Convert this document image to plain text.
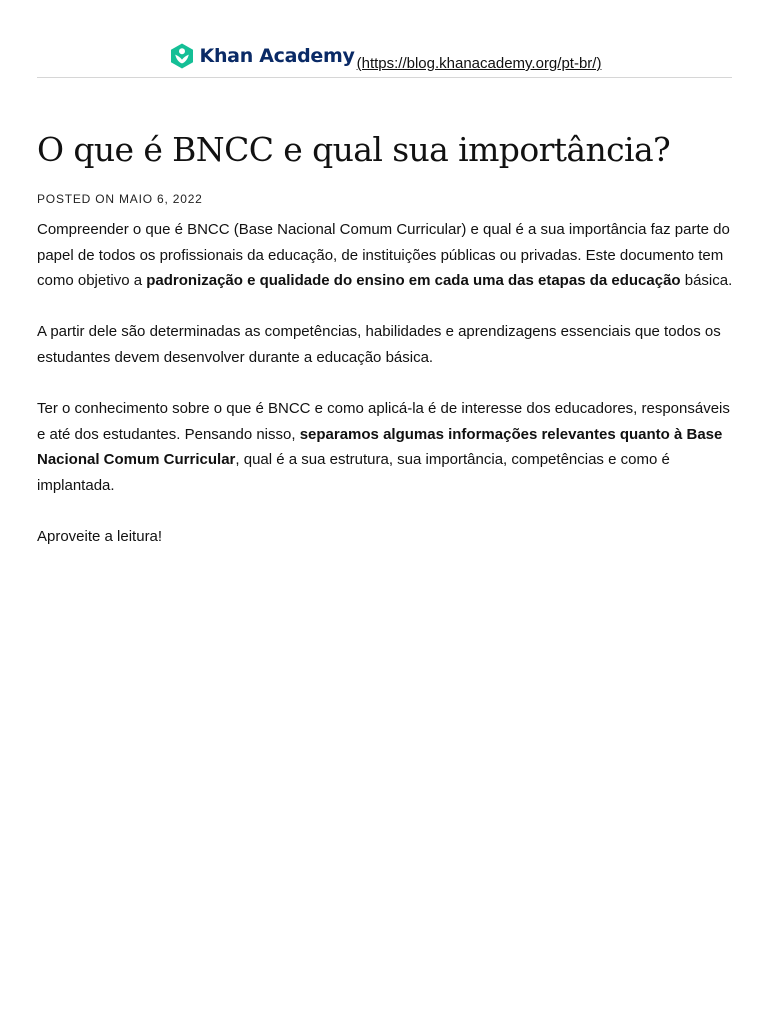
Khan Academy (https://blog.khanacademy.org/pt-br/)
O que é BNCC e qual sua importância?
POSTED ON MAIO 6, 2022

Compreender o que é BNCC (Base Nacional Comum Curricular) e qual é a sua importância faz parte do papel de todos os profissionais da educação, de instituições públicas ou privadas. Este documento tem como objetivo a padronização e qualidade do ensino em cada uma das etapas da educação básica.

A partir dele são determinadas as competências, habilidades e aprendizagens essenciais que todos os estudantes devem desenvolver durante a educação básica.

Ter o conhecimento sobre o que é BNCC e como aplicá-la é de interesse dos educadores, responsáveis e até dos estudantes. Pensando nisso, separamos algumas informações relevantes quanto à Base Nacional Comum Curricular, qual é a sua estrutura, sua importância, competências e como é implantada.

Aproveite a leitura!
